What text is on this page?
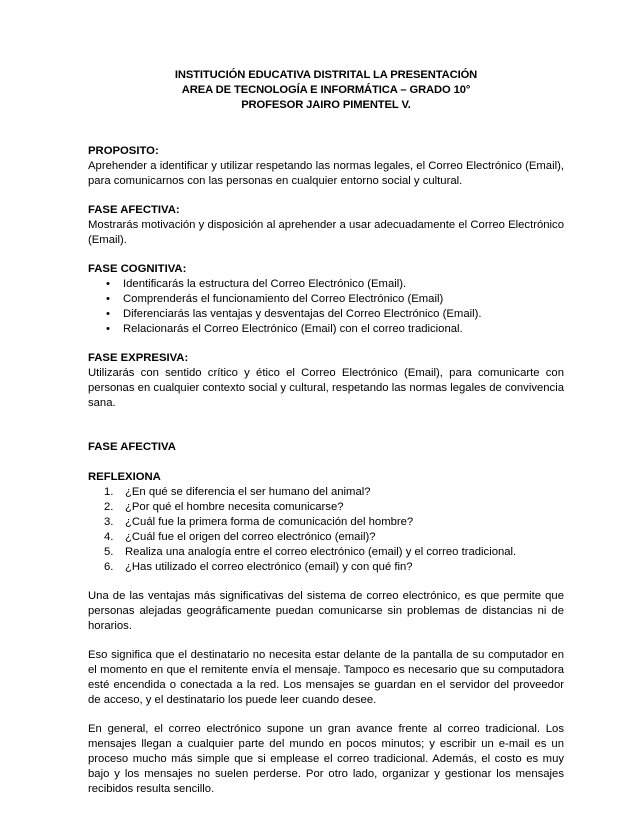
INSTITUCIÓN EDUCATIVA DISTRITAL LA PRESENTACIÓN
AREA DE TECNOLOGÍA E INFORMÁTICA – GRADO 10°
PROFESOR JAIRO PIMENTEL V.

PROPOSITO:

Aprehender a identificar y utilizar respetando las normas legales, el Correo Electrónico (Email), para comunicarnos con las personas en cualquier entorno social y cultural.

FASE AFECTIVA:

Mostrarás motivación y disposición al aprehender a usar adecuadamente el Correo Electrónico (Email).

FASE COGNITIVA:

• Identificarás la estructura del Correo Electrónico (Email).
• Comprenderás el funcionamiento del Correo Electrónico (Email)
• Diferenciarás las ventajas y desventajas del Correo Electrónico (Email).
• Relacionarás el Correo Electrónico (Email) con el correo tradicional.

FASE EXPRESIVA:

Utilizarás con sentido crítico y ético el Correo Electrónico (Email), para comunicarte con personas en cualquier contexto social y cultural, respetando las normas legales de convivencia sana.

FASE AFECTIVA

REFLEXIONA

1. ¿En qué se diferencia el ser humano del animal?
2. ¿Por qué el hombre necesita comunicarse?
3. ¿Cuál fue la primera forma de comunicación del hombre?
4. ¿Cuál fue el origen del correo electrónico (email)?
5. Realiza una analogía entre el correo electrónico (email) y el correo tradicional.
6. ¿Has utilizado el correo electrónico (email) y con qué fin?

Una de las ventajas más significativas del sistema de correo electrónico, es que permite que personas alejadas geográficamente puedan comunicarse sin problemas de distancias ni de horarios.

Eso significa que el destinatario no necesita estar delante de la pantalla de su computador en el momento en que el remitente envía el mensaje. Tampoco es necesario que su computadora esté encendida o conectada a la red. Los mensajes se guardan en el servidor del proveedor de acceso, y el destinatario los puede leer cuando desee.

En general, el correo electrónico supone un gran avance frente al correo tradicional. Los mensajes llegan a cualquier parte del mundo en pocos minutos; y escribir un e-mail es un proceso mucho más simple que si emplease el correo tradicional. Además, el costo es muy bajo y los mensajes no suelen perderse. Por otro lado, organizar y gestionar los mensajes recibidos resulta sencillo.
